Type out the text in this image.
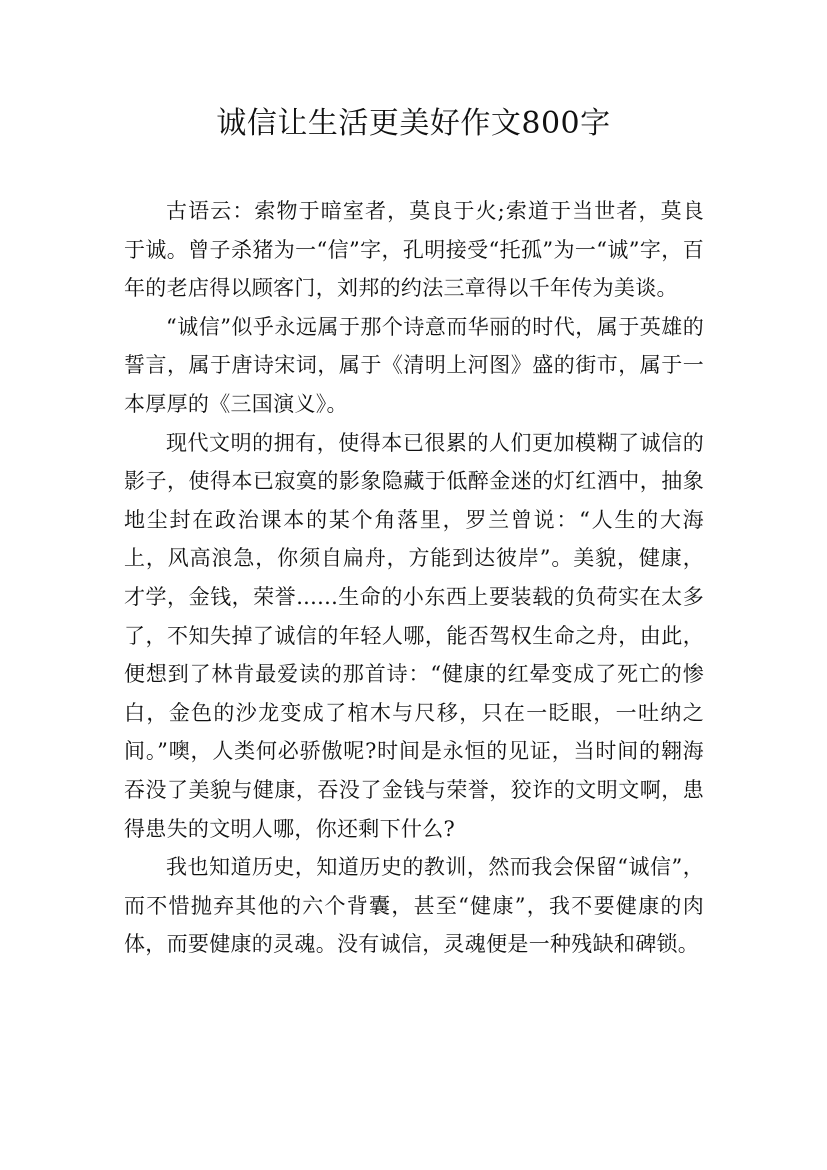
诚信让生活更美好作文800字

古语云：索物于暗室者，莫良于火;索道于当世者，莫良于诚。曾子杀猪为一“信”字，孔明接受“托孤”为一“诚”字，百年的老店得以顾客门，刘邦的约法三章得以千年传为美谈。

“诚信”似乎永远属于那个诗意而华丽的时代，属于英雄的誓言，属于唐诗宋词，属于《清明上河图》盛的街市，属于一本厚厚的《三国演义》。

现代文明的拥有，使得本已很累的人们更加模糊了诚信的影子，使得本已寂寞的影象隐藏于低醉金迷的灯红酒中，抽象地尘封在政治课本的某个角落里，罗兰曾说：“人生的大海上，风高浪急，你须自扁舟，方能到达彼岸”。美貌，健康，才学，金钱，荣誉......生命的小东西上要装载的负荷实在太多了，不知失掉了诚信的年轻人哪，能否驾权生命之舟，由此，便想到了林肯最爱读的那首诗：“健康的红晕变成了死亡的惨白，金色的沙龙变成了棺木与尺移，只在一眨眼，一吐纳之间。”噢，人类何必骄傲呢?时间是永恒的见证，当时间的翱海吞没了美貌与健康，吞没了金钱与荣誉，狡诈的文明文啊，患得患失的文明人哪，你还剩下什么?

我也知道历史，知道历史的教训，然而我会保留“诚信”，而不惜抛弃其他的六个背囊，甚至“健康”，我不要健康的肉体，而要健康的灵魂。没有诚信，灵魂便是一种残缺和碑锁。
